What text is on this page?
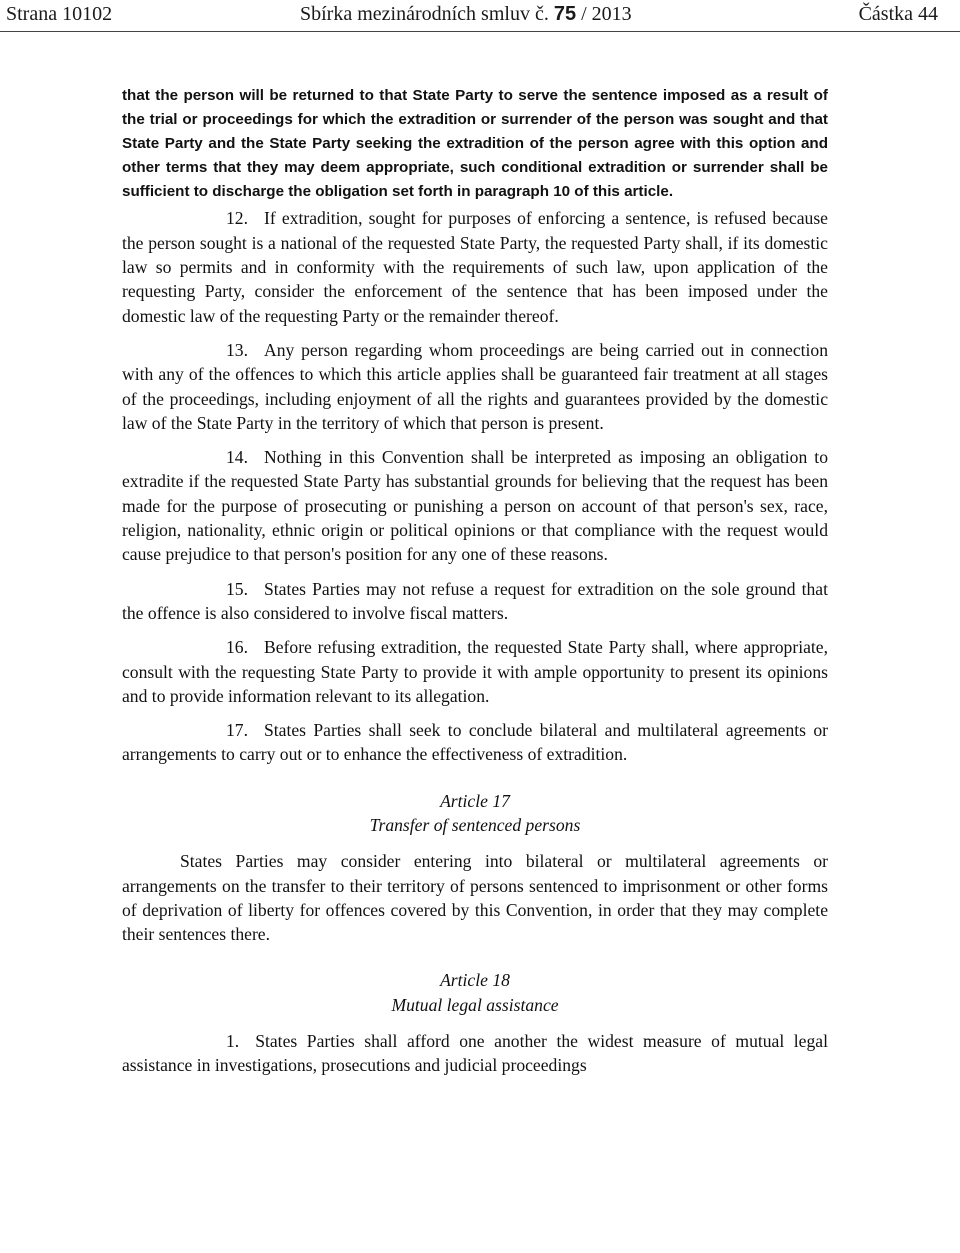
Strana 10102	Sbírka mezinárodních smluv č. 75 / 2013	Částka 44

that the person will be returned to that State Party to serve the sentence imposed as a result of the trial or proceedings for which the extradition or surrender of the person was sought and that State Party and the State Party seeking the extradition of the person agree with this option and other terms that they may deem appropriate, such conditional extradition or surrender shall be sufficient to discharge the obligation set forth in paragraph 10 of this article.

12. If extradition, sought for purposes of enforcing a sentence, is refused because the person sought is a national of the requested State Party, the requested Party shall, if its domestic law so permits and in conformity with the requirements of such law, upon application of the requesting Party, consider the enforcement of the sentence that has been imposed under the domestic law of the requesting Party or the remainder thereof.

13. Any person regarding whom proceedings are being carried out in connection with any of the offences to which this article applies shall be guaranteed fair treatment at all stages of the proceedings, including enjoyment of all the rights and guarantees provided by the domestic law of the State Party in the territory of which that person is present.

14. Nothing in this Convention shall be interpreted as imposing an obligation to extradite if the requested State Party has substantial grounds for believing that the request has been made for the purpose of prosecuting or punishing a person on account of that person's sex, race, religion, nationality, ethnic origin or political opinions or that compliance with the request would cause prejudice to that person's position for any one of these reasons.

15. States Parties may not refuse a request for extradition on the sole ground that the offence is also considered to involve fiscal matters.

16. Before refusing extradition, the requested State Party shall, where appropriate, consult with the requesting State Party to provide it with ample opportunity to present its opinions and to provide information relevant to its allegation.

17. States Parties shall seek to conclude bilateral and multilateral agreements or arrangements to carry out or to enhance the effectiveness of extradition.

Article 17
Transfer of sentenced persons

States Parties may consider entering into bilateral or multilateral agreements or arrangements on the transfer to their territory of persons sentenced to imprisonment or other forms of deprivation of liberty for offences covered by this Convention, in order that they may complete their sentences there.

Article 18
Mutual legal assistance

1. States Parties shall afford one another the widest measure of mutual legal assistance in investigations, prosecutions and judicial proceedings
